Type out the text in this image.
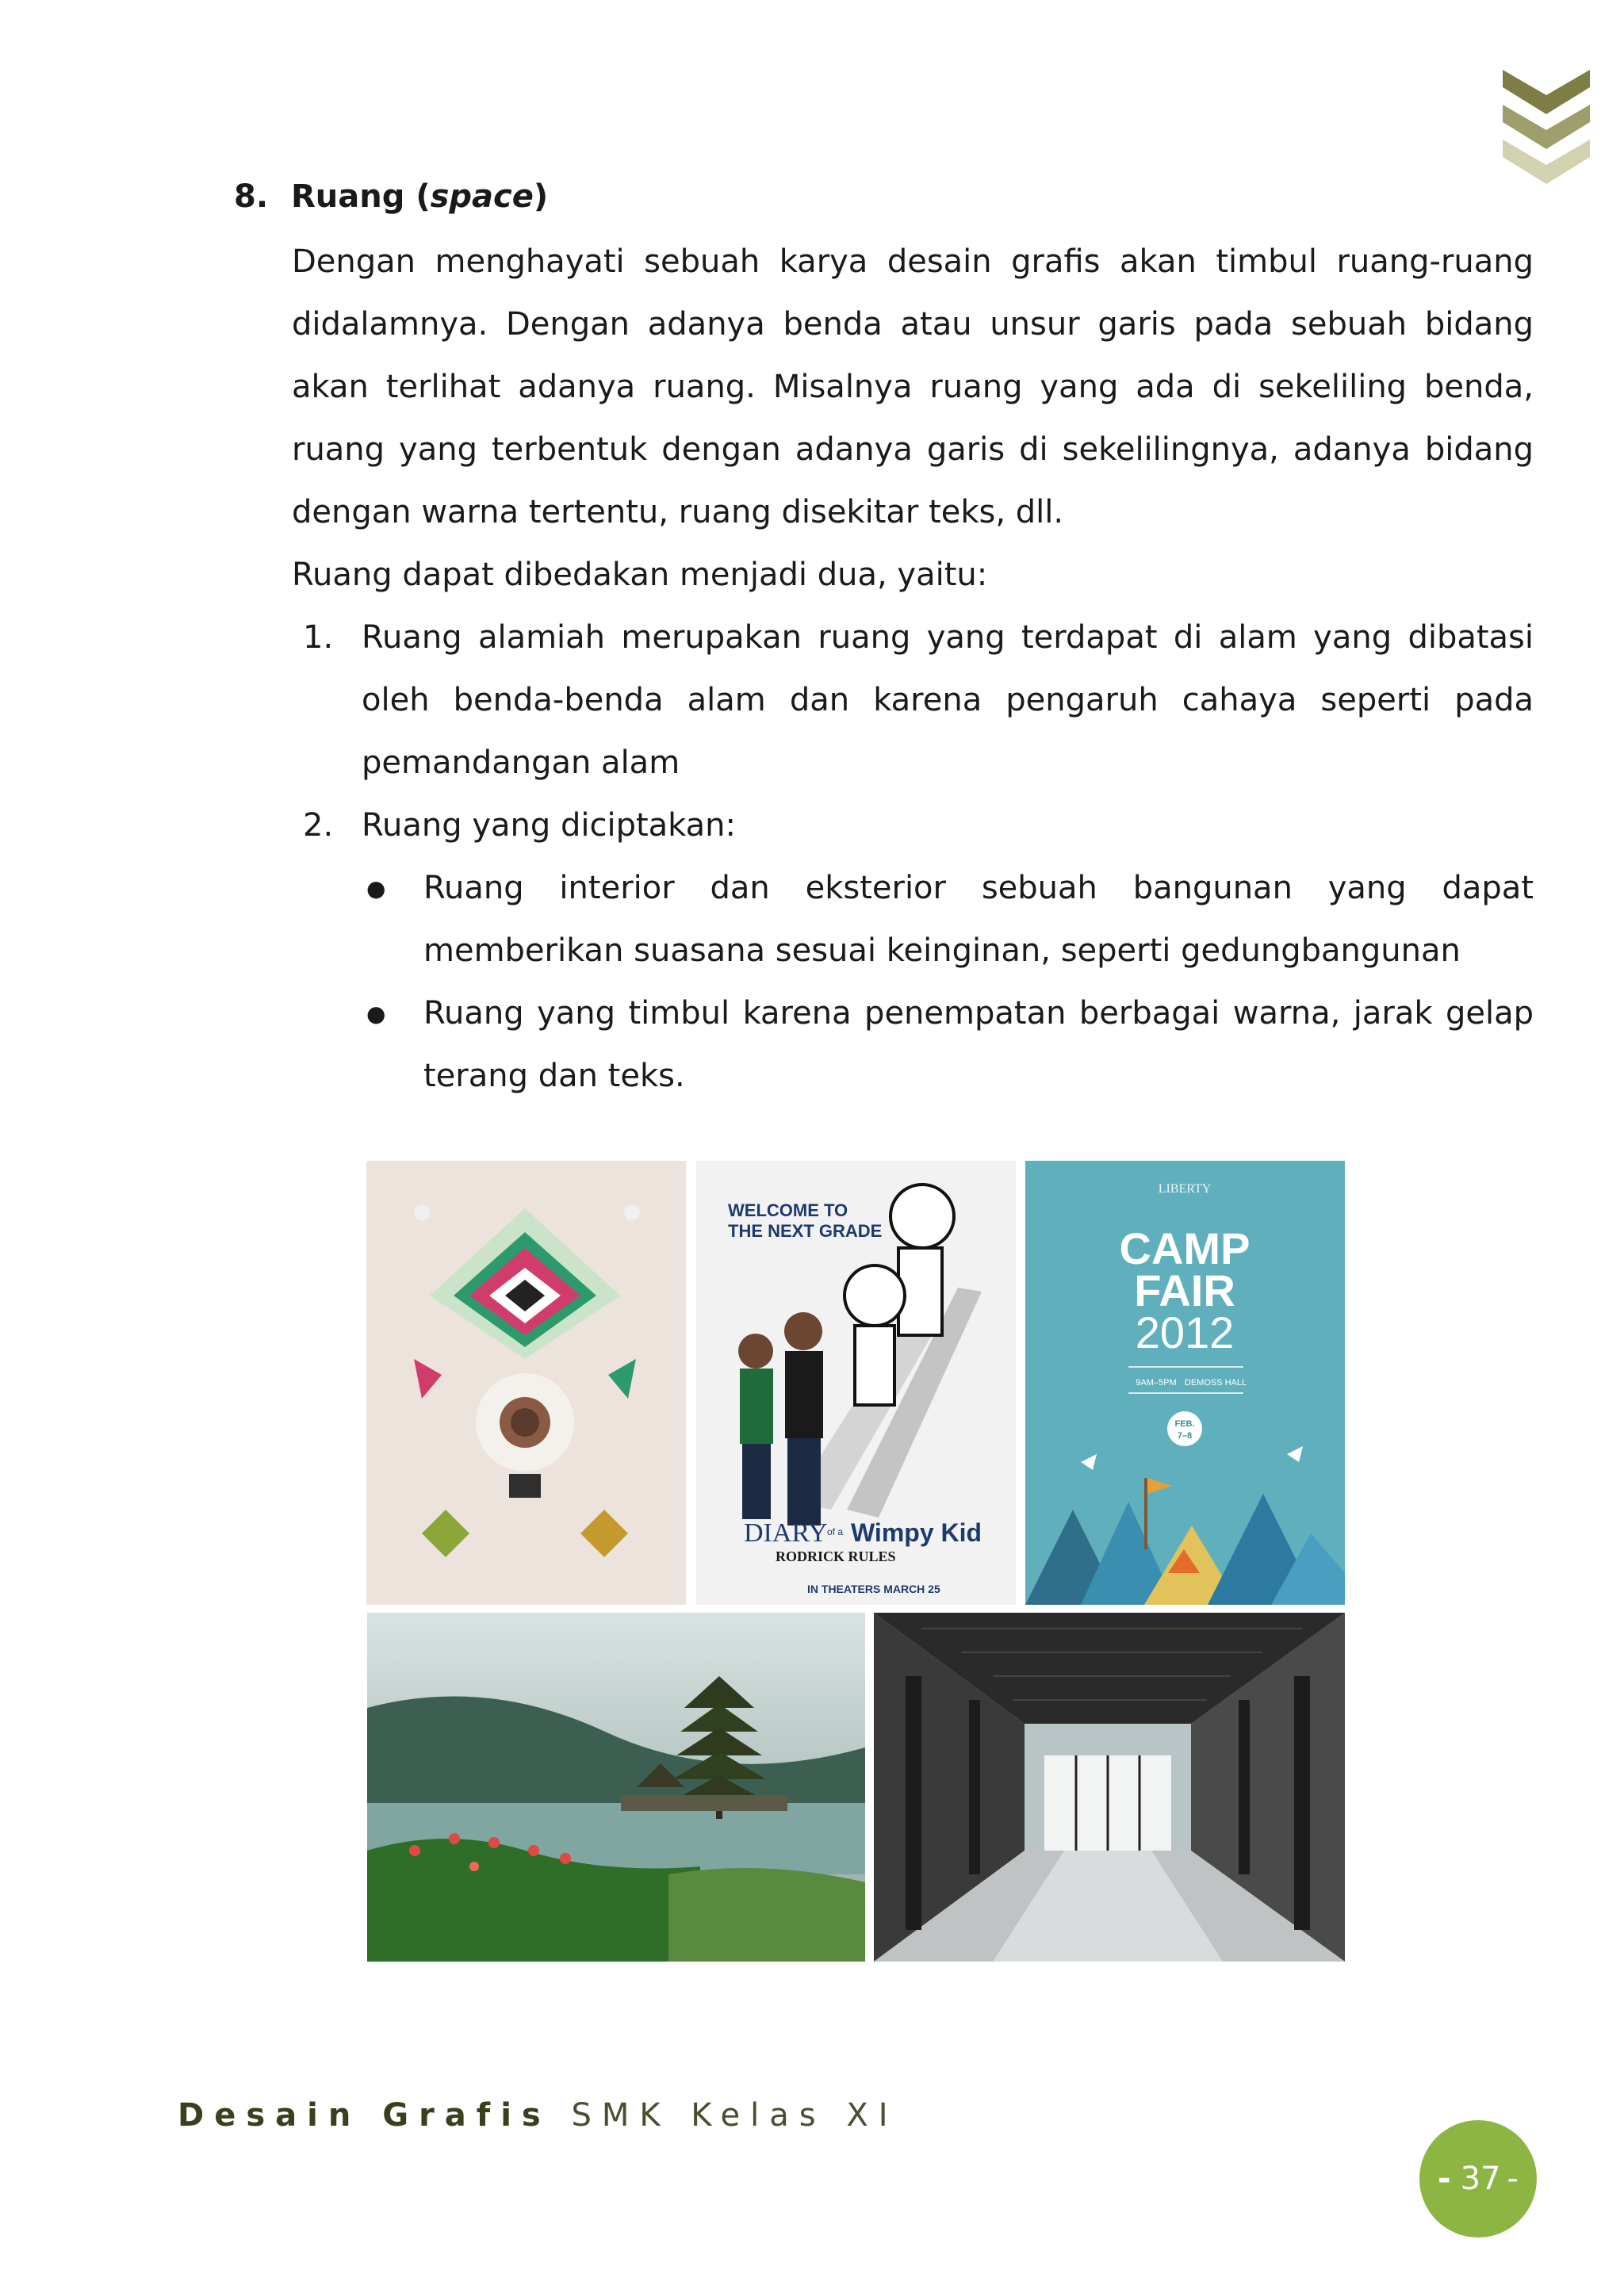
8. Ruang (space)

Dengan menghayati sebuah karya desain grafis akan timbul ruang-ruang didalamnya. Dengan adanya benda atau unsur garis pada sebuah bidang akan terlihat adanya ruang. Misalnya ruang yang ada di sekeliling benda, ruang yang terbentuk dengan adanya garis di sekelilingnya, adanya bidang dengan warna tertentu, ruang disekitar teks, dll.

Ruang dapat dibedakan menjadi dua, yaitu:

1. Ruang alamiah merupakan ruang yang terdapat di alam yang dibatasi oleh benda-benda alam dan karena pengaruh cahaya seperti pada pemandangan alam
2. Ruang yang diciptakan:
● Ruang interior dan eksterior sebuah bangunan yang dapat memberikan suasana sesuai keinginan, seperti gedungbangunan
● Ruang yang timbul karena penempatan berbagai warna, jarak gelap terang dan teks.
WELCOME TO
THE NEXT GRADE
DIARY of a Wimpy Kid
RODRICK RULES
IN THEATERS MARCH 25
LIBERTY
CAMP
FAIR
2012
9AM–5PM DEMOSS HALL
FEB.
7–8
Desain Grafis SMK Kelas XI
- 37 -
